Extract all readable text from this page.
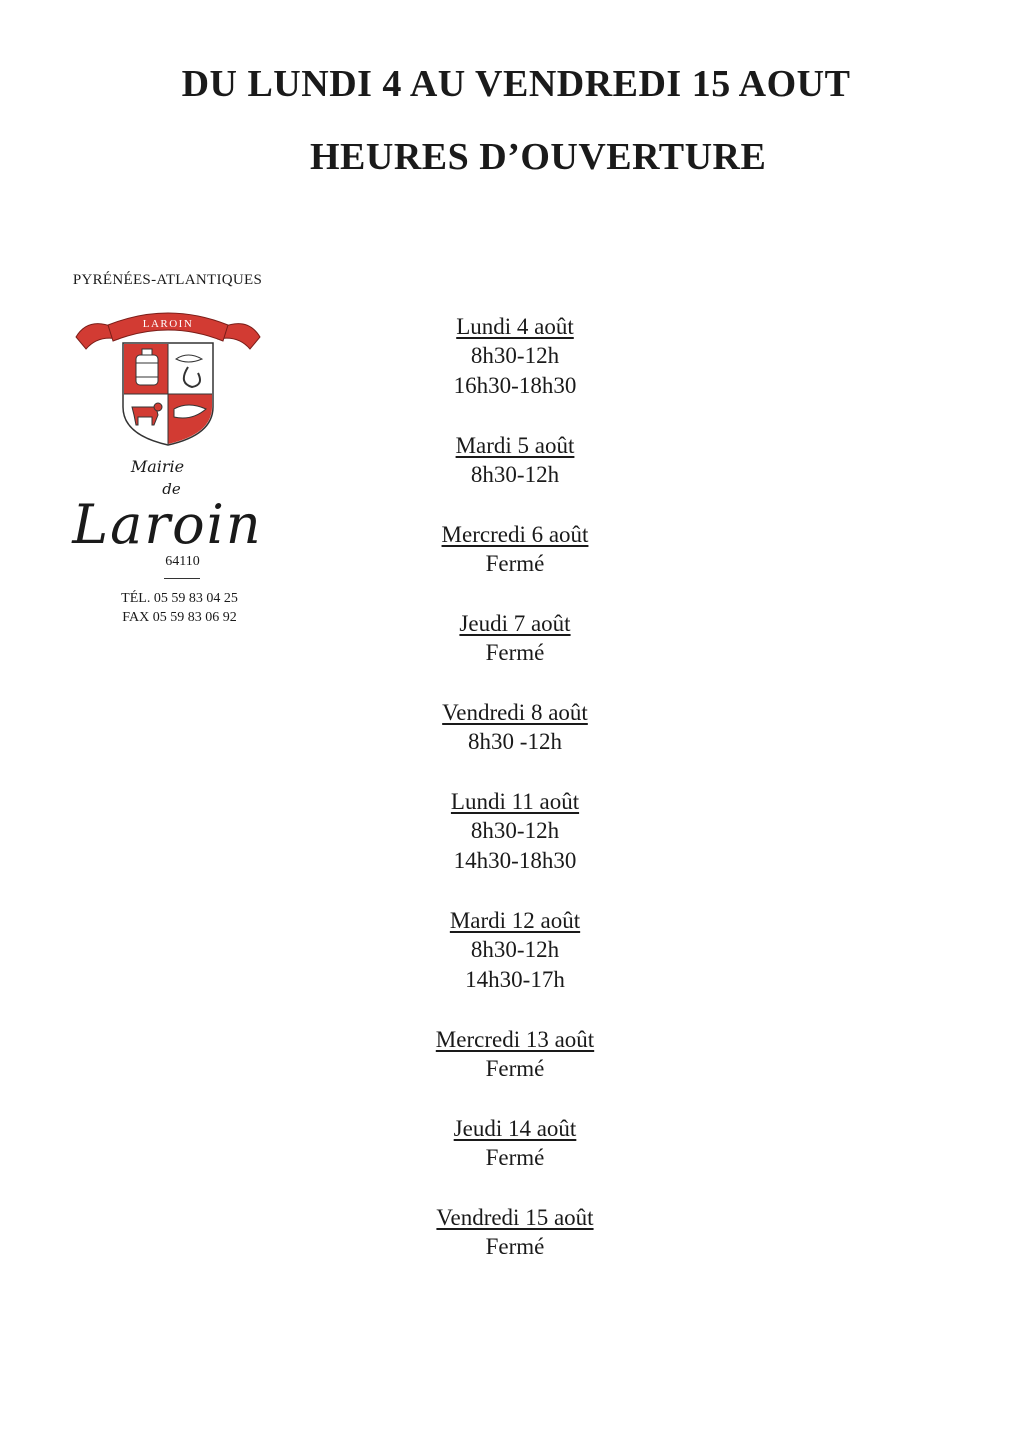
DU LUNDI 4 AU VENDREDI 15 AOUT
HEURES D’OUVERTURE
PYRÉNÉES-ATLANTIQUES
LAROIN
Mairie
de
Laroin
64110
TÉL. 05 59 83 04 25
FAX 05 59 83 06 92
Lundi 4 août
8h30-12h
16h30-18h30
Mardi 5 août
8h30-12h
Mercredi 6 août
Fermé
Jeudi 7 août
Fermé
Vendredi 8 août
8h30 -12h
Lundi 11 août
8h30-12h
14h30-18h30
Mardi 12 août
8h30-12h
14h30-17h
Mercredi 13 août
Fermé
Jeudi 14 août
Fermé
Vendredi 15 août
Fermé
